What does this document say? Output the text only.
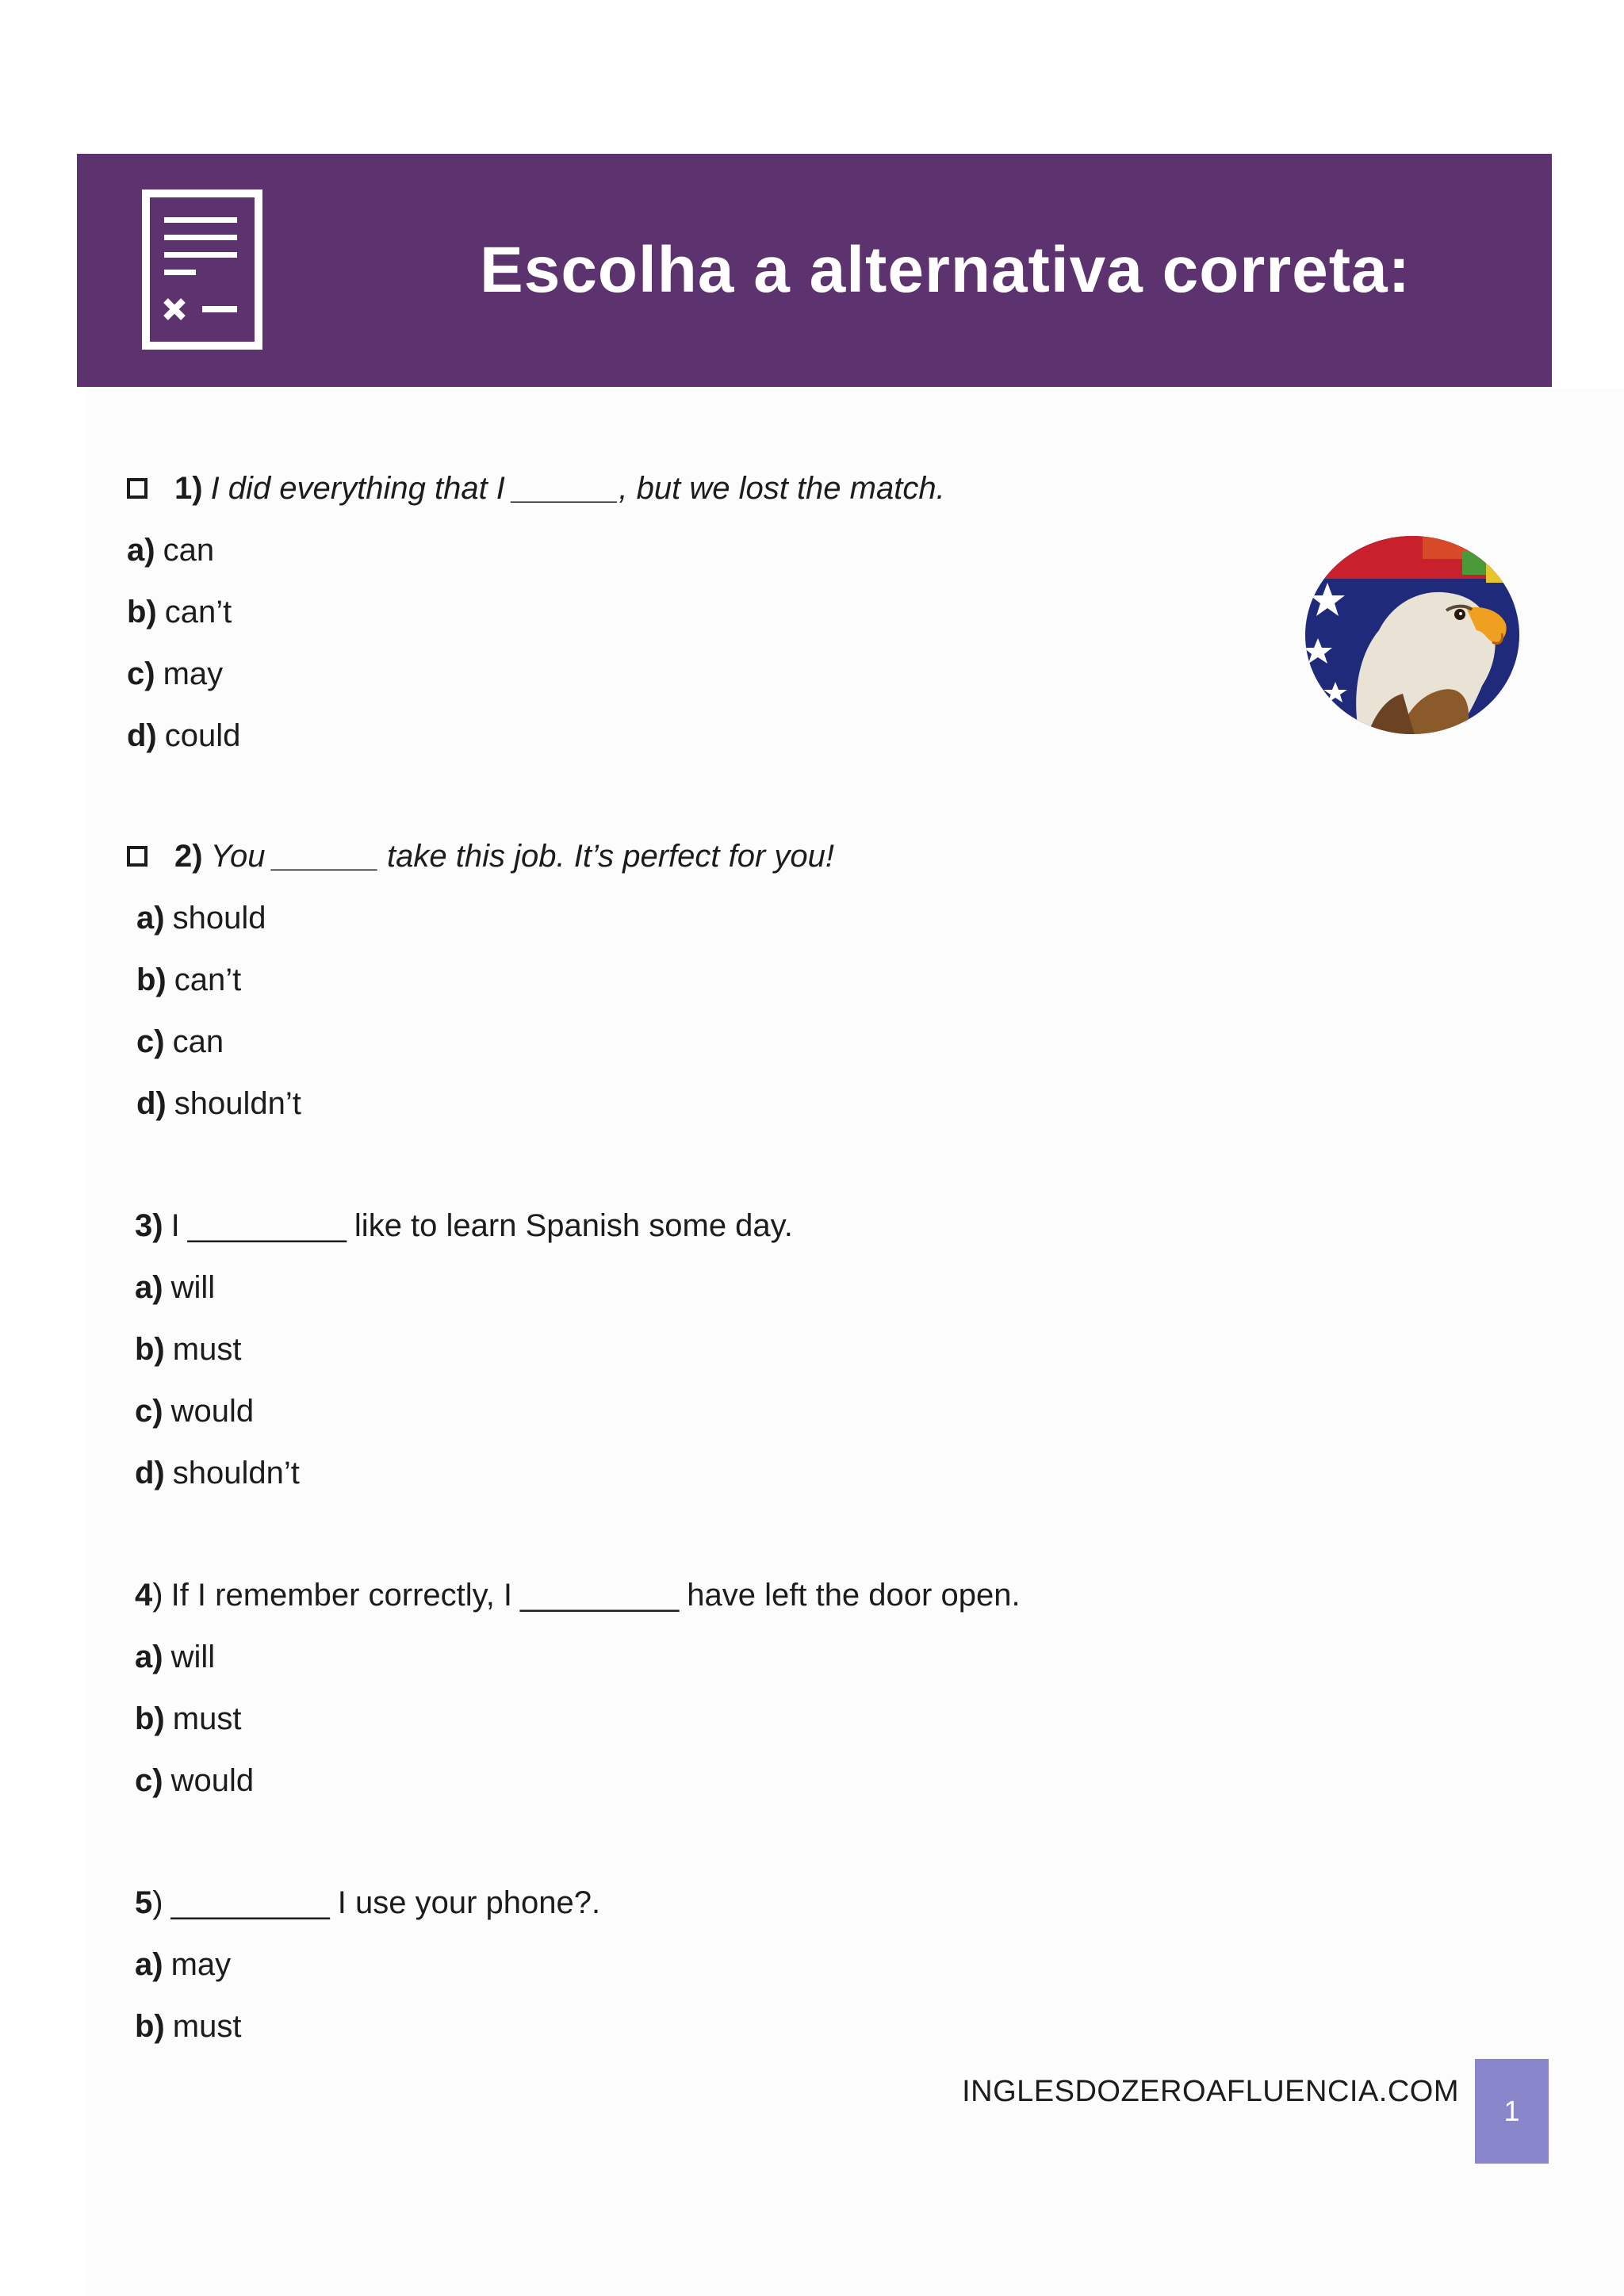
Escolha a alternativa correta:
1) I did everything that I ______ , but we lost the match.
a) can
b) can’t
c) may
d) could
2) You ______ take this job. It’s perfect for you!
a) should
b) can’t
c) can
d) shouldn’t
3) I _________ like to learn Spanish some day.
a) will
b) must
c) would
d) shouldn’t
4 ) If I remember correctly, I _________ have left the door open.
a) will
b) must
c) would
5 ) _________ I use your phone?.
a) may
b) must
INGLESDOZEROAFLUENCIA.COM
1
